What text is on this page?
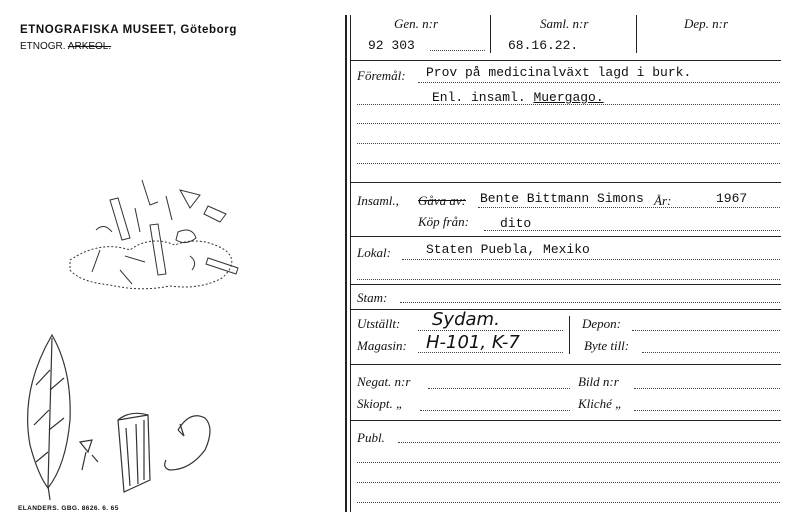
ETNOGRAFISKA MUSEET, Göteborg
ETNOGR. ARKEOL.
ELANDERS. GBG. 8626. 6. 65
Gen. n:r
92 303
Saml. n:r
68.16.22.
Dep. n:r
Föremål: Prov på medicinalväxt lagd i burk.
Enl. insaml. Muergago.
Insaml., Gåva av: Bente Bittmann Simons År:	1967
Köp från: dito
Lokal:	Staten Puebla, Mexiko
Stam:
Utställt: Sydam.
Magasin: H-101, K-7
Depon:
Byte till:
Negat. n:r	Bild n:r
Skiopt. „	Kliché „
Publ.
